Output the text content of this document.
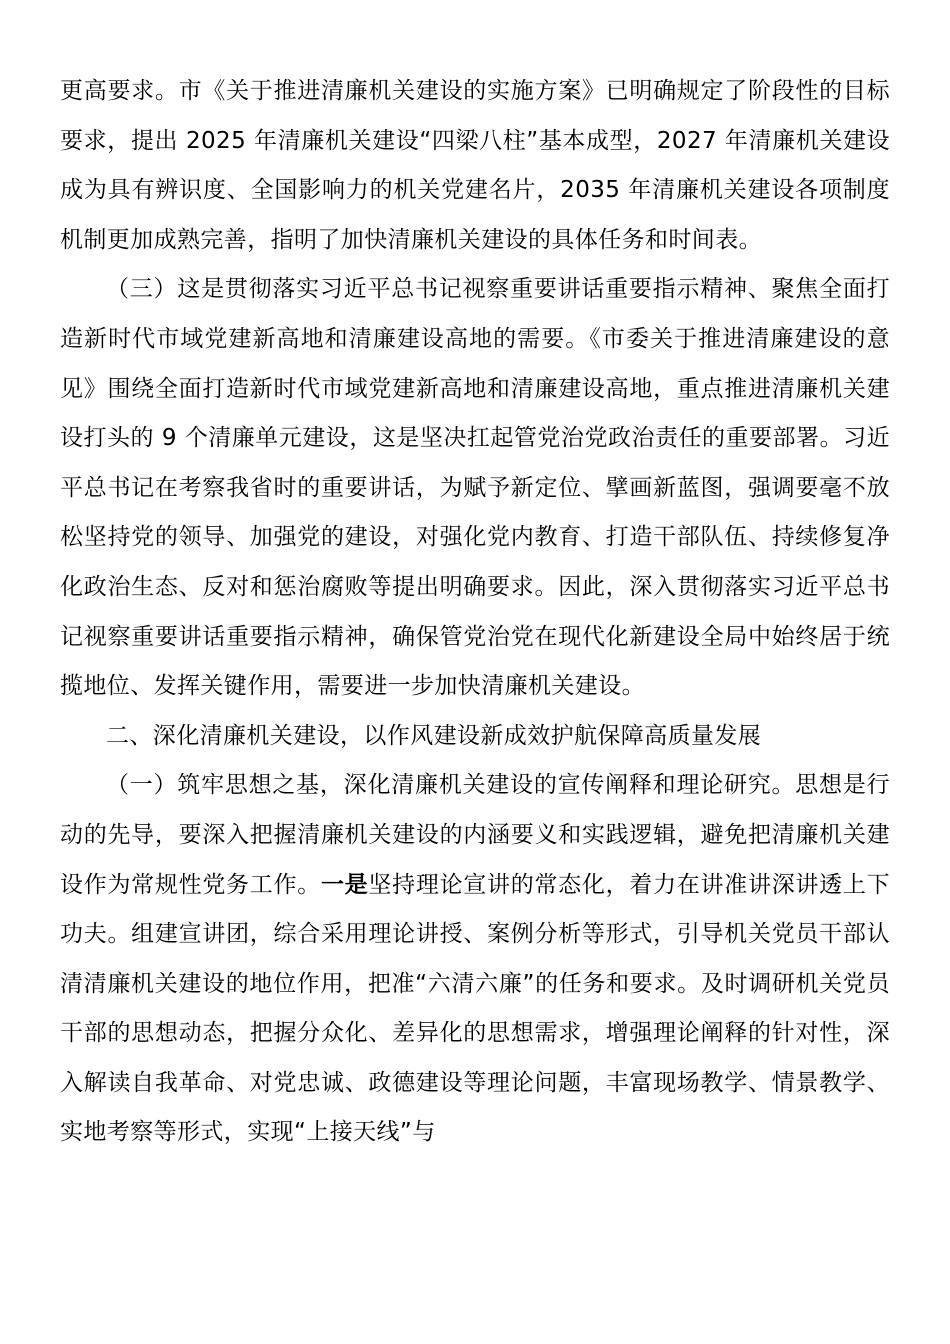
更高要求。市《关于推进清廉机关建设的实施方案》已明确规定了阶段性的目标要求，提出 2025 年清廉机关建设“四梁八柱”基本成型，2027 年清廉机关建设成为具有辨识度、全国影响力的机关党建名片，2035 年清廉机关建设各项制度机制更加成熟完善，指明了加快清廉机关建设的具体任务和时间表。

（三）这是贯彻落实习近平总书记视察重要讲话重要指示精神、聚焦全面打造新时代市域党建新高地和清廉建设高地的需要。《市委关于推进清廉建设的意见》围绕全面打造新时代市域党建新高地和清廉建设高地，重点推进清廉机关建设打头的 9 个清廉单元建设，这是坚决扛起管党治党政治责任的重要部署。习近平总书记在考察我省时的重要讲话，为赋予新定位、擘画新蓝图，强调要毫不放松坚持党的领导、加强党的建设，对强化党内教育、打造干部队伍、持续修复净化政治生态、反对和惩治腐败等提出明确要求。因此，深入贯彻落实习近平总书记视察重要讲话重要指示精神，确保管党治党在现代化新建设全局中始终居于统揽地位、发挥关键作用，需要进一步加快清廉机关建设。

二、深化清廉机关建设，以作风建设新成效护航保障高质量发展

（一）筑牢思想之基，深化清廉机关建设的宣传阐释和理论研究。思想是行动的先导，要深入把握清廉机关建设的内涵要义和实践逻辑，避免把清廉机关建设作为常规性党务工作。一是坚持理论宣讲的常态化，着力在讲准讲深讲透上下功夫。组建宣讲团，综合采用理论讲授、案例分析等形式，引导机关党员干部认清清廉机关建设的地位作用，把准“六清六廉”的任务和要求。及时调研机关党员干部的思想动态，把握分众化、差异化的思想需求，增强理论阐释的针对性，深入解读自我革命、对党忠诚、政德建设等理论问题，丰富现场教学、情景教学、实地考察等形式，实现“上接天线”与
